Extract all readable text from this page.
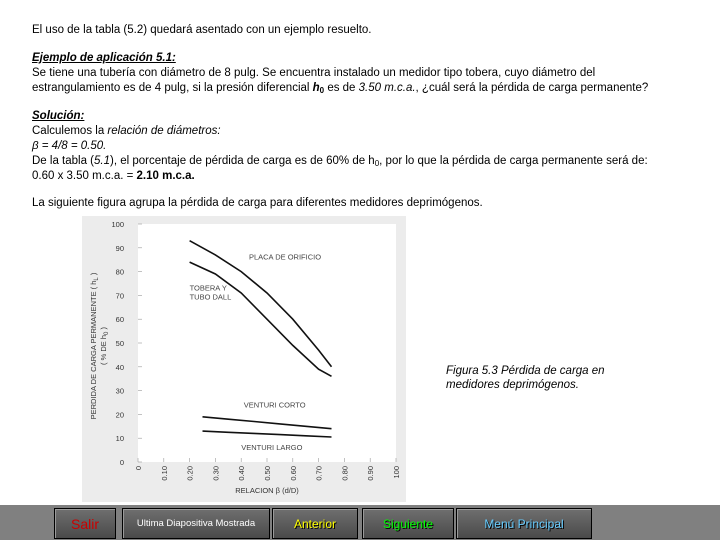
El uso de la tabla (5.2) quedará asentado con un ejemplo resuelto.
Ejemplo de aplicación 5.1:
Se tiene una tubería con diámetro de 8 pulg. Se encuentra instalado un medidor tipo tobera, cuyo diámetro del
estrangulamiento es de 4 pulg, si la presión diferencial $h_0$ es de 3.50 m.c.a., ¿cuál será la pérdida de carga permanente?
Solución:
Calculemos la relación de diámetros:
β = 4/8 = 0.50.
De la tabla (5.1), el porcentaje de pérdida de carga es de 60% de $h_0$, por lo que la pérdida de carga permanente será de:
0.60 x 3.50 m.c.a. = 2.10 m.c.a.
La siguiente figura agrupa la pérdida de carga para diferentes medidores deprimógenos.
0
10
20
30
40
50
60
70
80
90
100
0 0.10 0.20 0.30 0.40 0.50 0.60 0.70 0.80 0.90 100
PLACA DE ORIFICIO
TOBERA Y
TUBO DALL
VENTURI CORTO
VENTURI LARGO
RELACION β (d/D)
PERDIDA DE CARGA PERMANENTE ( $h_L$ )
( % DE $h_0$ )
Figura 5.3 Pérdida de carga en medidores deprimógenos.
Salir	Ultima Diapositiva Mostrada	Anterior	Siguiente	Menú Principal
